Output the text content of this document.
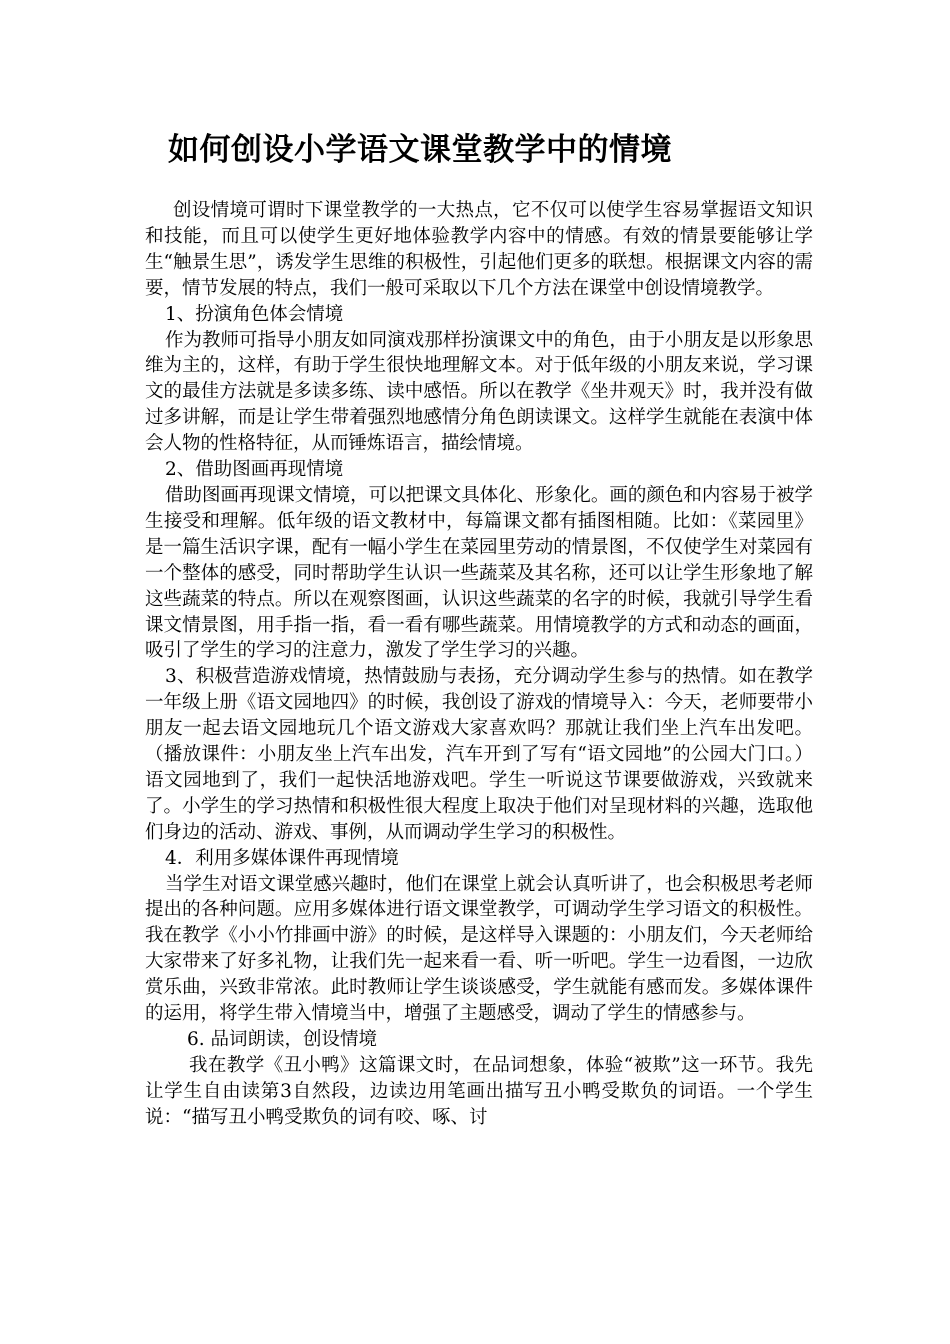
如何创设小学语文课堂教学中的情境

创设情境可谓时下课堂教学的一大热点，它不仅可以使学生容易掌握语文知识和技能，而且可以使学生更好地体验教学内容中的情感。有效的情景要能够让学生“触景生思”，诱发学生思维的积极性，引起他们更多的联想。根据课文内容的需要，情节发展的特点，我们一般可采取以下几个方法在课堂中创设情境教学。

1、扮演角色体会情境

作为教师可指导小朋友如同演戏那样扮演课文中的角色，由于小朋友是以形象思维为主的，这样，有助于学生很快地理解文本。对于低年级的小朋友来说，学习课文的最佳方法就是多读多练、读中感悟。所以在教学《坐井观天》时，我并没有做过多讲解，而是让学生带着强烈地感情分角色朗读课文。这样学生就能在表演中体会人物的性格特征，从而锤炼语言，描绘情境。

2、借助图画再现情境

借助图画再现课文情境，可以把课文具体化、形象化。画的颜色和内容易于被学生接受和理解。低年级的语文教材中，每篇课文都有插图相随。比如：《菜园里》是一篇生活识字课，配有一幅小学生在菜园里劳动的情景图，不仅使学生对菜园有一个整体的感受，同时帮助学生认识一些蔬菜及其名称，还可以让学生形象地了解这些蔬菜的特点。所以在观察图画，认识这些蔬菜的名字的时候，我就引导学生看课文情景图，用手指一指，看一看有哪些蔬菜。用情境教学的方式和动态的画面，吸引了学生的学习的注意力，激发了学生学习的兴趣。

3、积极营造游戏情境，热情鼓励与表扬，充分调动学生参与的热情。如在教学一年级上册《语文园地四》的时候，我创设了游戏的情境导入：今天，老师要带小朋友一起去语文园地玩几个语文游戏大家喜欢吗？那就让我们坐上汽车出发吧。（播放课件：小朋友坐上汽车出发，汽车开到了写有“语文园地”的公园大门口。）语文园地到了，我们一起快活地游戏吧。学生一听说这节课要做游戏，兴致就来了。小学生的学习热情和积极性很大程度上取决于他们对呈现材料的兴趣，选取他们身边的活动、游戏、事例，从而调动学生学习的积极性。

4．利用多媒体课件再现情境

当学生对语文课堂感兴趣时，他们在课堂上就会认真听讲了，也会积极思考老师提出的各种问题。应用多媒体进行语文课堂教学，可调动学生学习语文的积极性。我在教学《小小竹排画中游》的时候，是这样导入课题的：小朋友们，今天老师给大家带来了好多礼物，让我们先一起来看一看、听一听吧。学生一边看图，一边欣赏乐曲，兴致非常浓。此时教师让学生谈谈感受，学生就能有感而发。多媒体课件的运用，将学生带入情境当中，增强了主题感受，调动了学生的情感参与。

6. 品词朗读，创设情境

我在教学《丑小鸭》这篇课文时，在品词想象，体验“被欺”这一环节。我先让学生自由读第3自然段，边读边用笔画出描写丑小鸭受欺负的词语。一个学生说：“描写丑小鸭受欺负的词有咬、啄、讨
